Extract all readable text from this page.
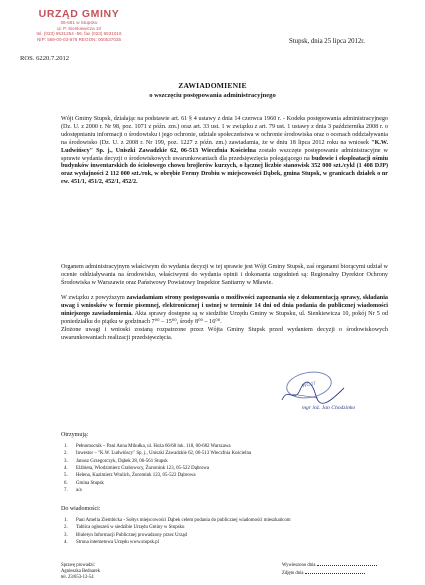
URZĄD GMINY
06-561 w Stupsku
ul. P. Sienkiewicza 10
tel. (023) 6531254 -56, fax (023) 6531016
NIP: 569-00-03-876 REGON: 000537035
ROS. 6220.7.2012
Stupsk, dnia 25 lipca 2012r.
ZAWIADOMIENIE
o wszczęciu postępowania administracyjnego

Wójt Gminy Stupsk, działając na podstawie art. 61 § 4 ustawy z dnia 14 czerwca 1960 r. - Kodeks postępowania administracyjnego (Dz. U. z 2000 r. Nr 98, poz. 1071 z późn. zm.) oraz art. 33 ust. 1 w związku z art. 79 ust. 1 ustawy z dnia 3 października 2008 r. o udostępnianiu informacji o środowisku i jego ochronie, udziale społeczeństwa w ochronie środowiska oraz o ocenach oddziaływania na środowisko (Dz. U. z 2008 r. Nr 199, poz. 1227 z późn. zm.) zawiadamia, że w dniu 18 lipca 2012 roku na wniosek "K.W. Ludwińscy" Sp. j., Uniszki Zawadzkie 62, 06-513 Wieczfnia Kościelna zostało wszczęte postępowanie administracyjne w sprawie wydania decyzji o środowiskowych uwarunkowaniach dla przedsięwzięcia polegającego na budowie i eksploatacji ośmiu budynków inwentarskich do ściołowego chowu brojlerów kurzych, o łącznej liczbie stanowisk 352 000 szt./cykl (1 408 DJP) oraz wydajności 2 112 000 szt./rok, w obrębie Fermy Drobiu w miejscowości Dąbek, gmina Stupsk, w granicach działek o nr ew. 451/1, 451/2, 452/1, 452/2.

Organem administracyjnym właściwym do wydania decyzji w tej sprawie jest Wójt Gminy Stupsk, zaś organami biorącymi udział w ocenie oddziaływania na środowisko, właściwymi do wydania opinii i dokonania uzgodnień są: Regionalny Dyrektor Ochrony Środowiska w Warszawie oraz Państwowy Powiatowy Inspektor Sanitarny w Mławie.

W związku z powyższym zawiadamiam strony postępowania o możliwości zapoznania się z dokumentacją sprawy, składania uwag i wniosków w formie pisemnej, elektronicznej i ustnej w terminie 14 dni od dnia podania do publicznej wiadomości niniejszego zawiadomienia. Akta sprawy dostępne są w siedzibie Urzędu Gminy w Stupsku, ul. Sienkiewicza 10, pokój Nr 5 od poniedziałku do piątku w godzinach 7⁰⁰ – 15⁰⁰, środy 8⁰⁰ – 16⁰⁰.
Złożone uwagi i wnioski zostaną rozpatrzone przez Wójta Gminy Stupsk przed wydaniem decyzji o środowiskowych uwarunkowaniach realizacji przedsięwzięcia.

WÓJT
mgr inż. Jan Chodzinko
Otrzymują:
1.	Pełnomocnik – Pani Anna Mihułka, ul. Hoża 66/68 lok. 118, 00-682 Warszawa
2.	Inwestor – "K.W. Ludwińscy" Sp. j., Uniszki Zawadzkie 62, 06-513 Wieczfnia Kościelna
3.	Janusz Grzegorczyk, Dąbek 28, 06-561 Stupsk
4.	Elżbieta, Włodzimierz Grabowscy, Żuromink 123, 05-522 Dąbrowa
5.	Helena, Kazimierz Wtulich, Żuromink 123, 05-522 Dąbrowa
6.	Gmina Stupsk
7.	a/a
Do wiadomości:
1.	Pani Amelia Ziembicka - Sołtys miejscowości Dąbek celem podania do publicznej wiadomości mieszkańcom
2.	Tablica ogłoszeń w siedzibie Urzędu Gminy w Stupsku
3.	Biuletyn Informacji Publicznej prowadzony przez Urząd
4.	Strona internetowa Urzędu www.stupsk.pl
Sprawę prowadzi:
Agnieszka Bednarek
tel. 23/653-12-54
Wywieszono dnia
Zdjęto dnia
